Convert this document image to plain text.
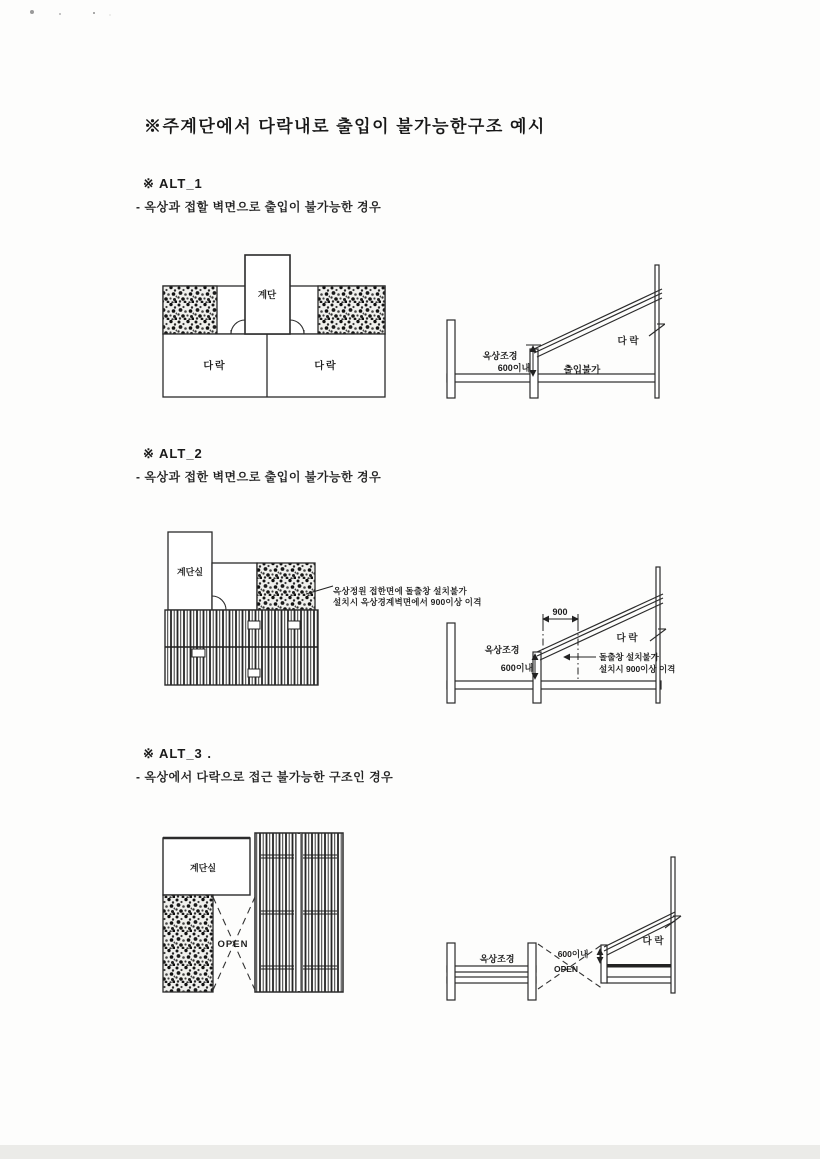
※주계단에서 다락내로 출입이 불가능한구조 예시
※ ALT_1
- 옥상과 접할 벽면으로 출입이 불가능한 경우
계단
다락	다락
옥상조경
600이내	출입불가
다 락
※ ALT_2
- 옥상과 접한 벽면으로 출입이 불가능한 경우
계단실
옥상정원 접한면에 돌출창 설치불가
설치시 옥상경계벽면에서 900이상 이격
900
옥상조경
600이내
다 락
돌출창 설치불가
설치시 900이상 이격
※ ALT_3 .
- 옥상에서 다락으로 접근 불가능한 구조인 경우
계단실
OPEN
옥상조경	600이내
OPEN
다 락
